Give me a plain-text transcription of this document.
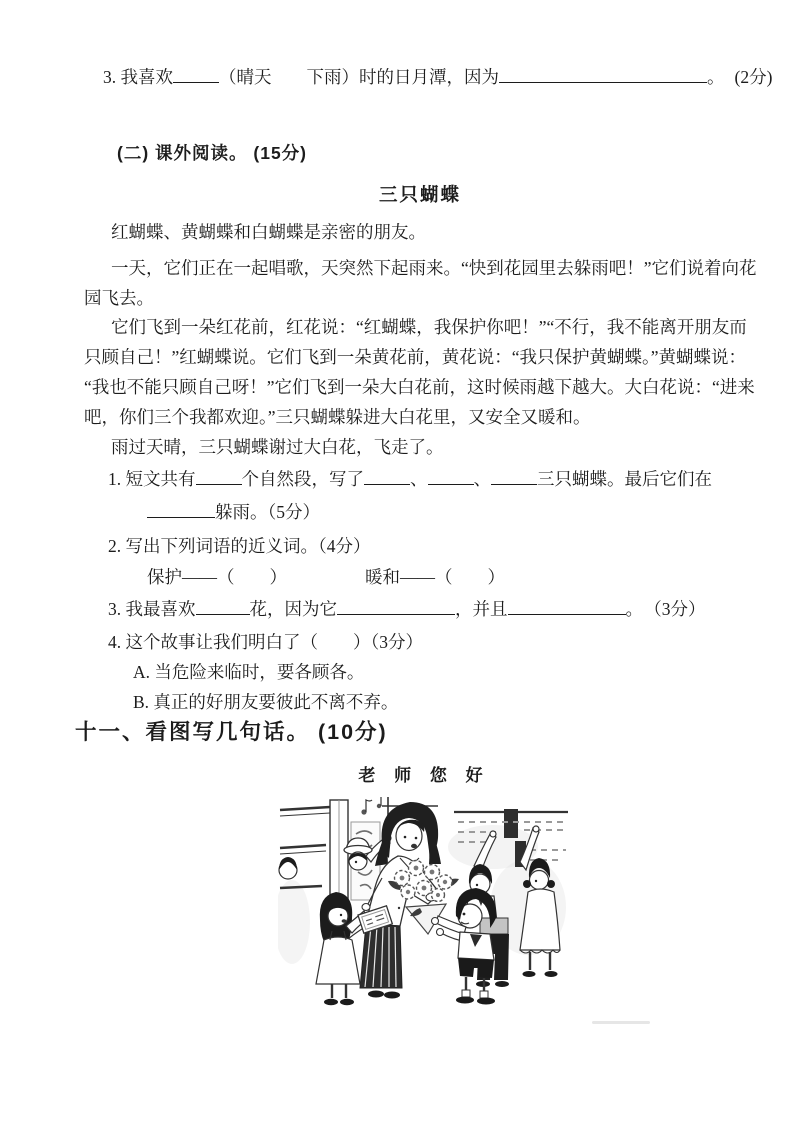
3. 我喜欢	（晴天　　下雨）时的日月潭，因为	。 (2分)
(二) 课外阅读。 (15分)
三只蝴蝶
红蝴蝶、黄蝴蝶和白蝴蝶是亲密的朋友。
一天，它们正在一起唱歌，天突然下起雨来。“快到花园里去躲雨吧！”它们说着向花
园飞去。
它们飞到一朵红花前，红花说：“红蝴蝶，我保护你吧！”“不行，我不能离开朋友而
只顾自己！”红蝴蝶说。它们飞到一朵黄花前，黄花说：“我只保护黄蝴蝶。”黄蝴蝶说：
“我也不能只顾自己呀！”它们飞到一朵大白花前，这时候雨越下越大。大白花说：“进来
吧，你们三个我都欢迎。”三只蝴蝶躲进大白花里，又安全又暖和。
雨过天晴，三只蝴蝶谢过大白花，飞走了。
1. 短文共有	个自然段，写了	、	、	三只蝴蝶。最后它们在
躲雨。（5分）
2. 写出下列词语的近义词。（4分）
保护——（　　）	暖和——（　　）
3. 我最喜欢	花，因为它	，并且	。 （3分）
4. 这个故事让我们明白了（　　）（3分）
A. 当危险来临时，要各顾各。
B. 真正的好朋友要彼此不离不弃。
十一、看图写几句话。 (10分)
老 师 您 好
